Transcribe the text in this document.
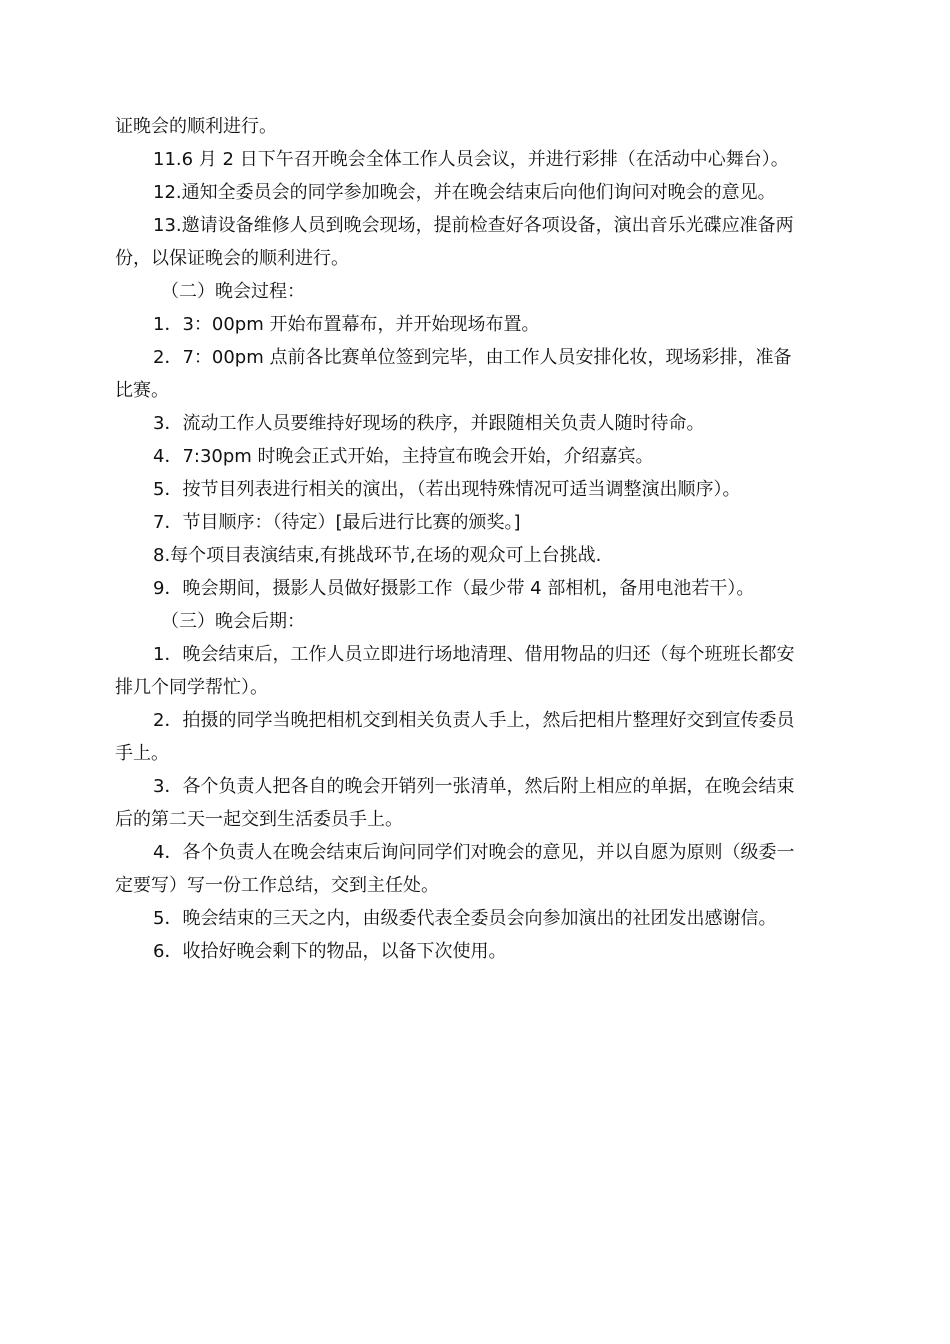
证晚会的顺利进行。
11.6 月 2 日下午召开晚会全体工作人员会议，并进行彩排（在活动中心舞台）。
12.通知全委员会的同学参加晚会，并在晚会结束后向他们询问对晚会的意见。
13.邀请设备维修人员到晚会现场，提前检查好各项设备，演出音乐光碟应准备两
份，以保证晚会的顺利进行。
（二）晚会过程：
1．3：00pm 开始布置幕布，并开始现场布置。
2．7：00pm 点前各比赛单位签到完毕，由工作人员安排化妆，现场彩排，准备
比赛。
3．流动工作人员要维持好现场的秩序，并跟随相关负责人随时待命。
4．7:30pm 时晚会正式开始，主持宣布晚会开始，介绍嘉宾。
5．按节目列表进行相关的演出，（若出现特殊情况可适当调整演出顺序）。
7．节目顺序：（待定）[最后进行比赛的颁奖。]
8.每个项目表演结束,有挑战环节,在场的观众可上台挑战.
9．晚会期间，摄影人员做好摄影工作（最少带 4 部相机，备用电池若干）。
（三）晚会后期：
1．晚会结束后，工作人员立即进行场地清理、借用物品的归还（每个班班长都安
排几个同学帮忙）。
2．拍摄的同学当晚把相机交到相关负责人手上，然后把相片整理好交到宣传委员
手上。
3．各个负责人把各自的晚会开销列一张清单，然后附上相应的单据，在晚会结束
后的第二天一起交到生活委员手上。
4．各个负责人在晚会结束后询问同学们对晚会的意见，并以自愿为原则（级委一
定要写）写一份工作总结，交到主任处。
5．晚会结束的三天之内，由级委代表全委员会向参加演出的社团发出感谢信。
6．收拾好晚会剩下的物品，以备下次使用。
